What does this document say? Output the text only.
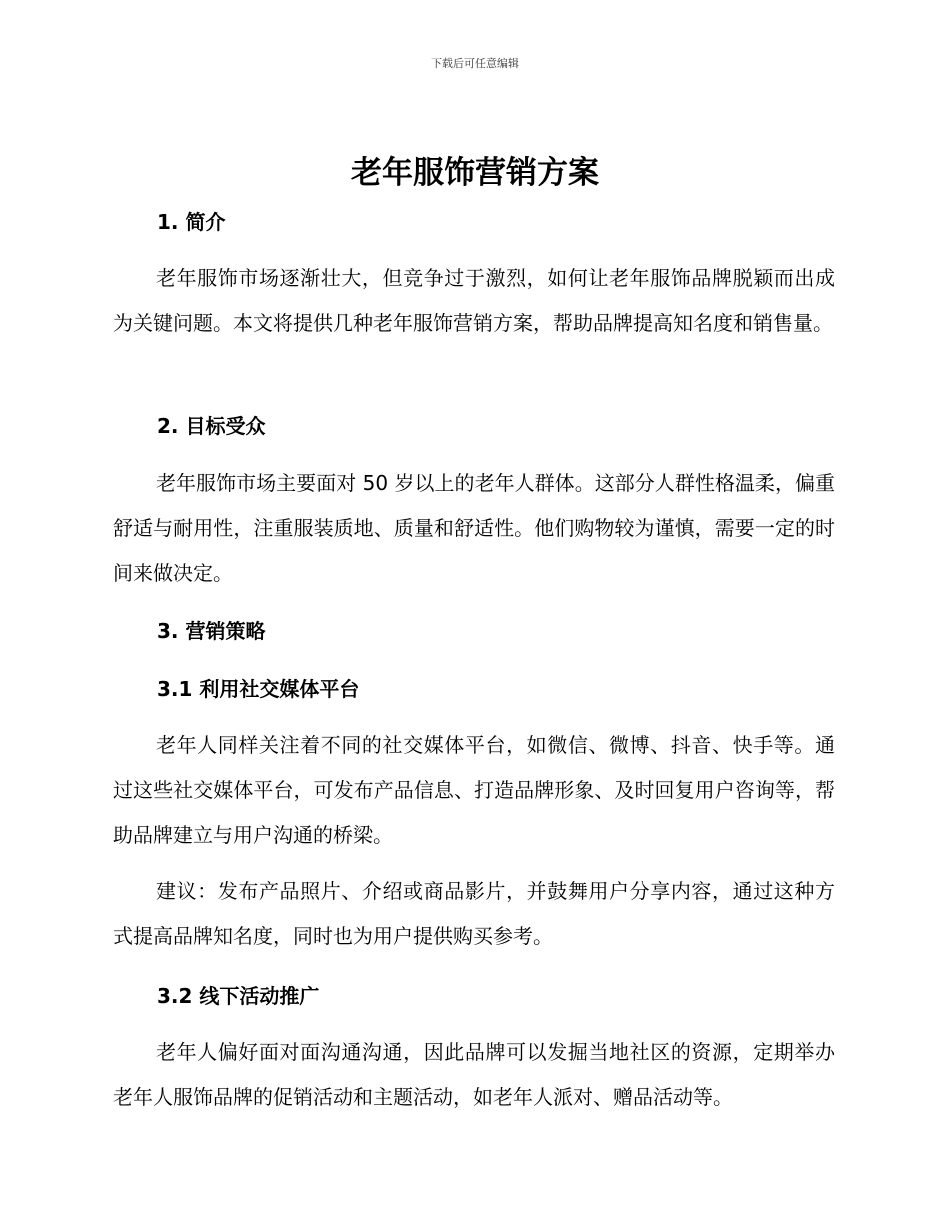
下载后可任意编辑
老年服饰营销方案
1. 简介

老年服饰市场逐渐壮大，但竞争过于激烈，如何让老年服饰品牌脱颖而出成为关键问题。本文将提供几种老年服饰营销方案，帮助品牌提高知名度和销售量。

2. 目标受众

老年服饰市场主要面对 50 岁以上的老年人群体。这部分人群性格温柔，偏重舒适与耐用性，注重服装质地、质量和舒适性。他们购物较为谨慎，需要一定的时间来做决定。

3. 营销策略
3.1 利用社交媒体平台

老年人同样关注着不同的社交媒体平台，如微信、微博、抖音、快手等。通过这些社交媒体平台，可发布产品信息、打造品牌形象、及时回复用户咨询等，帮助品牌建立与用户沟通的桥梁。

建议：发布产品照片、介绍或商品影片，并鼓舞用户分享内容，通过这种方式提高品牌知名度，同时也为用户提供购买参考。

3.2 线下活动推广

老年人偏好面对面沟通沟通，因此品牌可以发掘当地社区的资源，定期举办老年人服饰品牌的促销活动和主题活动，如老年人派对、赠品活动等。
